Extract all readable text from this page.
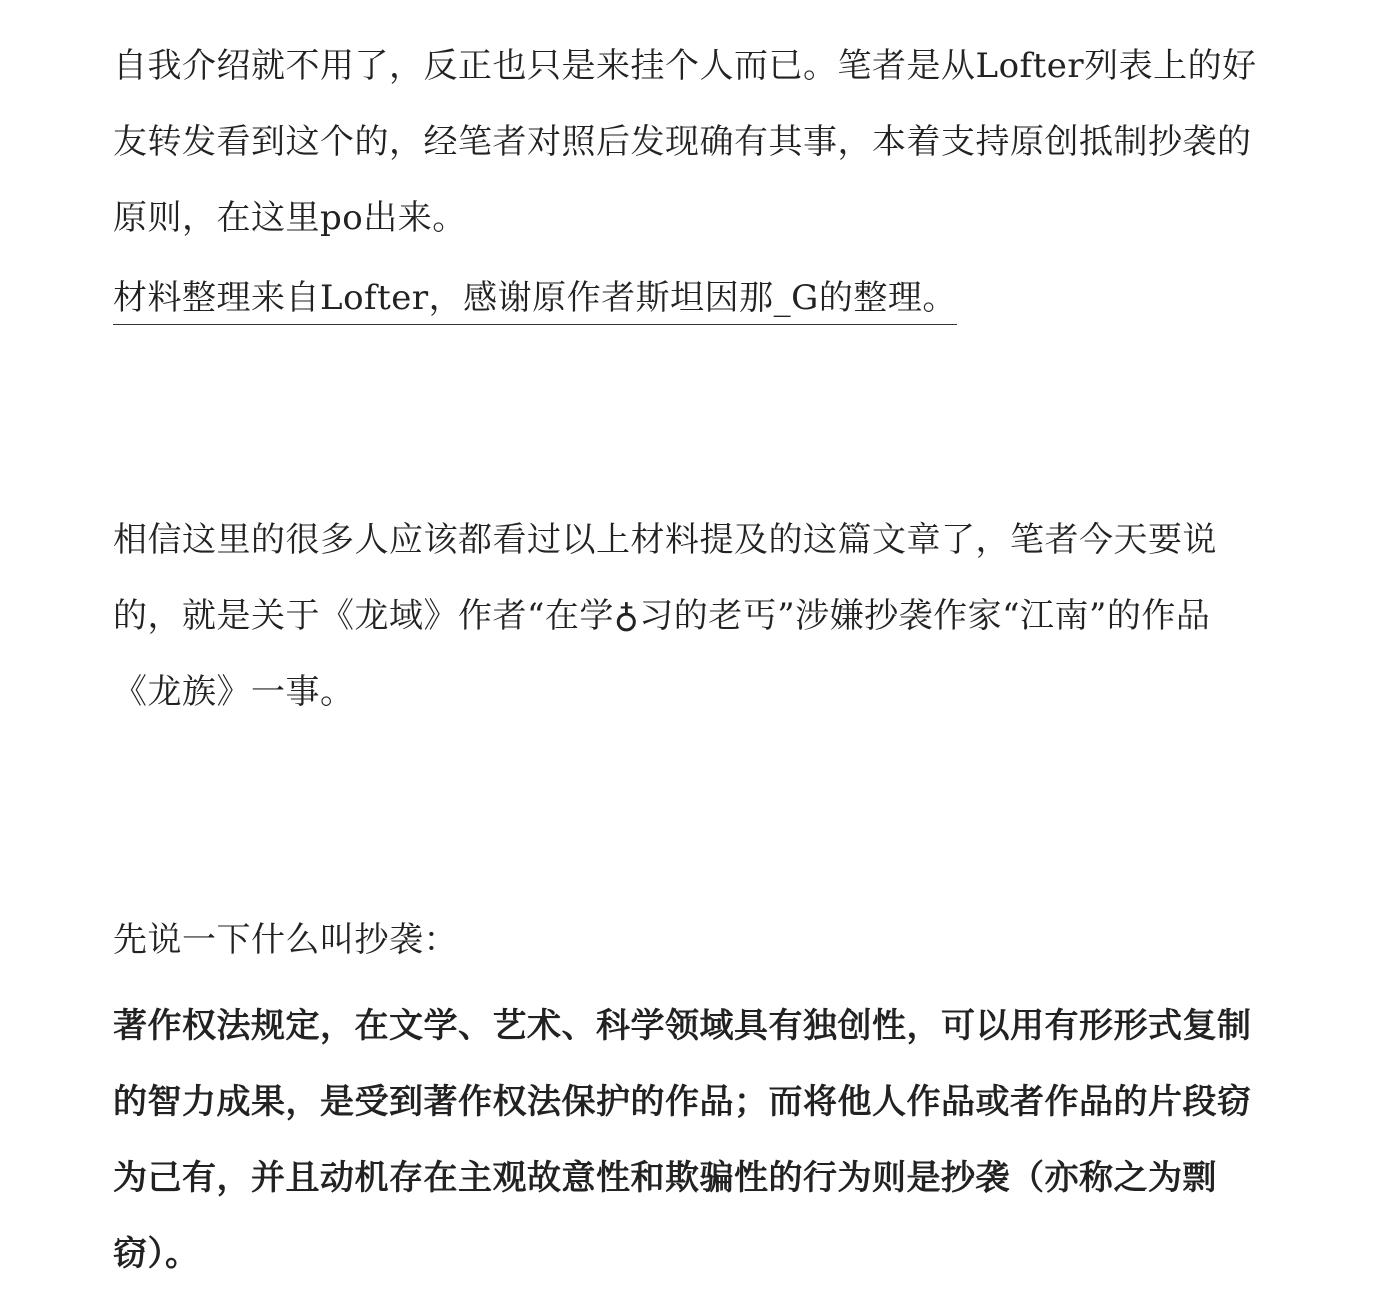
自我介绍就不用了，反正也只是来挂个人而已。笔者是从Lofter列表上的好友转发看到这个的，经笔者对照后发现确有其事，本着支持原创抵制抄袭的原则，在这里po出来。

材料整理来自Lofter，感谢原作者斯坦因那_G的整理。

相信这里的很多人应该都看过以上材料提及的这篇文章了，笔者今天要说的，就是关于《龙域》作者“在学♁习的老丐”涉嫌抄袭作家“江南”的作品《龙族》一事。

先说一下什么叫抄袭：

著作权法规定，在文学、艺术、科学领域具有独创性，可以用有形形式复制的智力成果，是受到著作权法保护的作品；而将他人作品或者作品的片段窃为己有，并且动机存在主观故意性和欺骗性的行为则是抄袭（亦称之为剽窃）。
